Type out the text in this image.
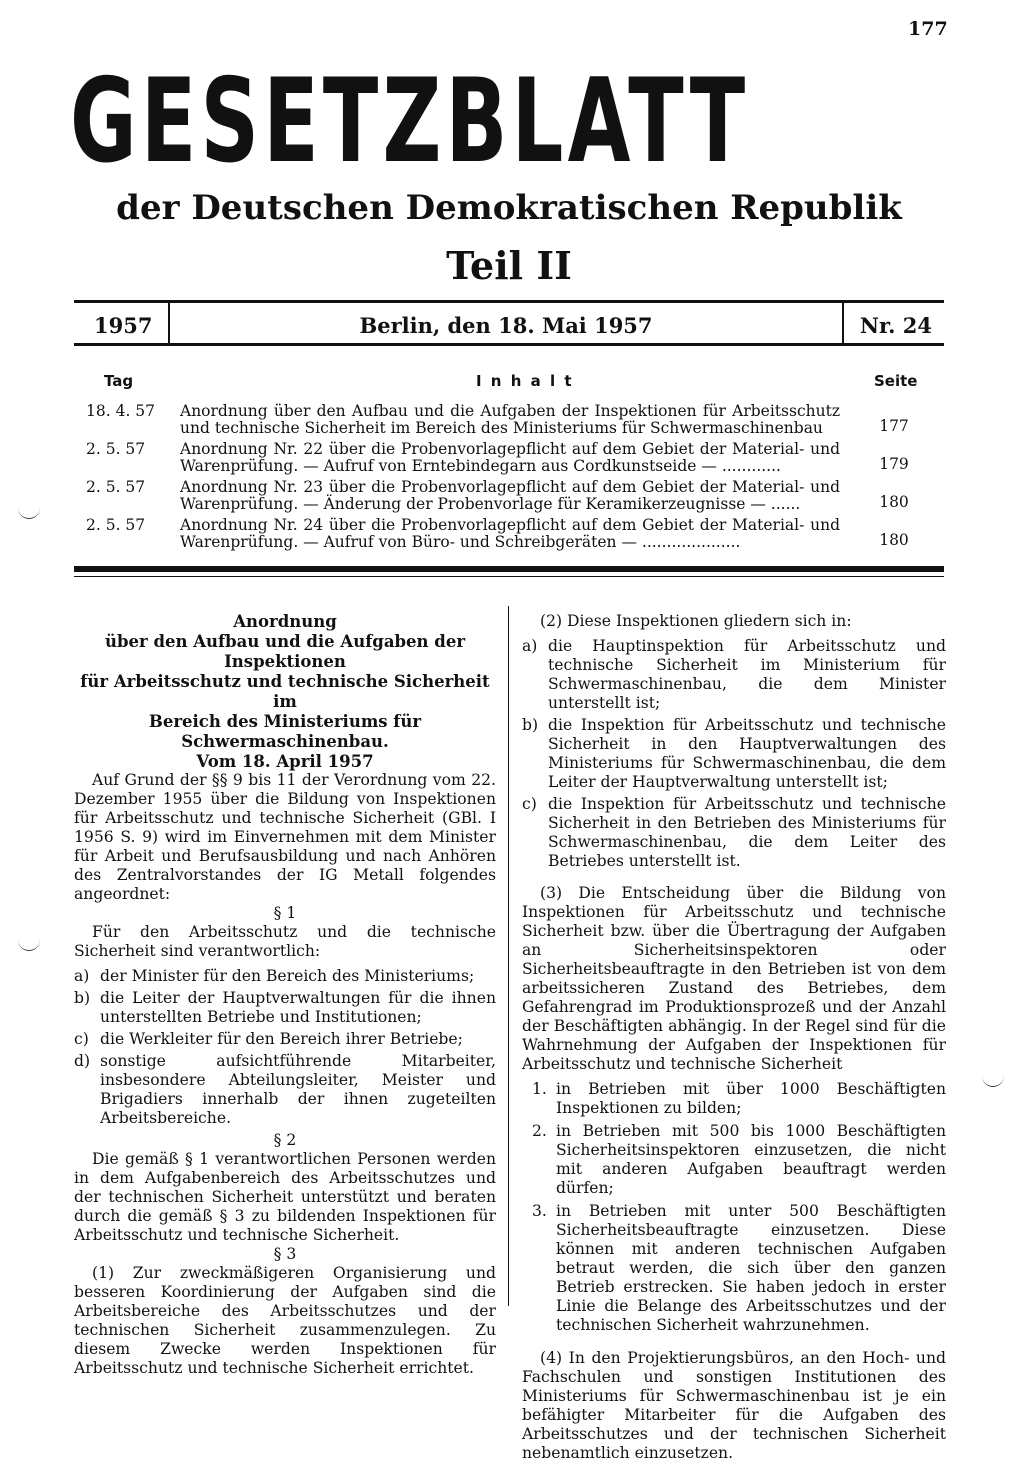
177
GESETZBLATT
der Deutschen Demokratischen Republik
Teil II
1957	Berlin, den 18. Mai 1957	Nr. 24
Tag	I n h a l t	Seite
18. 4. 57 Anordnung über den Aufbau und die Aufgaben der Inspektionen für Arbeitsschutz und technische Sicherheit im Bereich des Ministeriums für Schwermaschinenbau	177
2. 5. 57 Anordnung Nr. 22 über die Probenvorlagepflicht auf dem Gebiet der Material- und Warenprüfung. — Aufruf von Erntebindegarn aus Cordkunstseide — ............	179
2. 5. 57 Anordnung Nr. 23 über die Probenvorlagepflicht auf dem Gebiet der Material- und Warenprüfung. — Änderung der Probenvorlage für Keramikerzeugnisse — ......	180
2. 5. 57 Anordnung Nr. 24 über die Probenvorlagepflicht auf dem Gebiet der Material- und Warenprüfung. — Aufruf von Büro- und Schreibgeräten — ....................	180

Anordnung

über den Aufbau und die Aufgaben der Inspektionen

für Arbeitsschutz und technische Sicherheit im

Bereich des Ministeriums für Schwermaschinenbau.

Vom 18. April 1957

Auf Grund der §§ 9 bis 11 der Verordnung vom 22. Dezember 1955 über die Bildung von Inspektionen für Arbeitsschutz und technische Sicherheit (GBl. I 1956 S. 9) wird im Einvernehmen mit dem Minister für Arbeit und Berufsausbildung und nach Anhören des Zentralvorstandes der IG Metall folgendes angeordnet:

§ 1

Für den Arbeitsschutz und die technische Sicherheit sind verantwortlich:

a) der Minister für den Bereich des Ministeriums;
b) die Leiter der Hauptverwaltungen für die ihnen unterstellten Betriebe und Institutionen;
c) die Werkleiter für den Bereich ihrer Betriebe;
d) sonstige aufsichtführende Mitarbeiter, insbesondere Abteilungsleiter, Meister und Brigadiers innerhalb der ihnen zugeteilten Arbeitsbereiche.

§ 2

Die gemäß § 1 verantwortlichen Personen werden in dem Aufgabenbereich des Arbeitsschutzes und der technischen Sicherheit unterstützt und beraten durch die gemäß § 3 zu bildenden Inspektionen für Arbeitsschutz und technische Sicherheit.

§ 3

(1) Zur zweckmäßigeren Organisierung und besseren Koordinierung der Aufgaben sind die Arbeitsbereiche des Arbeitsschutzes und der technischen Sicherheit zusammenzulegen. Zu diesem Zwecke werden Inspektionen für Arbeitsschutz und technische Sicherheit errichtet.

(2) Diese Inspektionen gliedern sich in:

a) die Hauptinspektion für Arbeitsschutz und technische Sicherheit im Ministerium für Schwermaschinenbau, die dem Minister unterstellt ist;
b) die Inspektion für Arbeitsschutz und technische Sicherheit in den Hauptverwaltungen des Ministeriums für Schwermaschinenbau, die dem Leiter der Hauptverwaltung unterstellt ist;
c) die Inspektion für Arbeitsschutz und technische Sicherheit in den Betrieben des Ministeriums für Schwermaschinenbau, die dem Leiter des Betriebes unterstellt ist.

(3) Die Entscheidung über die Bildung von Inspektionen für Arbeitsschutz und technische Sicherheit bzw. über die Übertragung der Aufgaben an Sicherheitsinspektoren oder Sicherheitsbeauftragte in den Betrieben ist von dem arbeitssicheren Zustand des Betriebes, dem Gefahrengrad im Produktionsprozeß und der Anzahl der Beschäftigten abhängig. In der Regel sind für die Wahrnehmung der Aufgaben der Inspektionen für Arbeitsschutz und technische Sicherheit

1. in Betrieben mit über 1000 Beschäftigten Inspektionen zu bilden;
2. in Betrieben mit 500 bis 1000 Beschäftigten Sicherheitsinspektoren einzusetzen, die nicht mit anderen Aufgaben beauftragt werden dürfen;
3. in Betrieben mit unter 500 Beschäftigten Sicherheitsbeauftragte einzusetzen. Diese können mit anderen technischen Aufgaben betraut werden, die sich über den ganzen Betrieb erstrecken. Sie haben jedoch in erster Linie die Belange des Arbeitsschutzes und der technischen Sicherheit wahrzunehmen.

(4) In den Projektierungsbüros, an den Hoch- und Fachschulen und sonstigen Institutionen des Ministeriums für Schwermaschinenbau ist je ein befähigter Mitarbeiter für die Aufgaben des Arbeitsschutzes und der technischen Sicherheit nebenamtlich einzusetzen.
